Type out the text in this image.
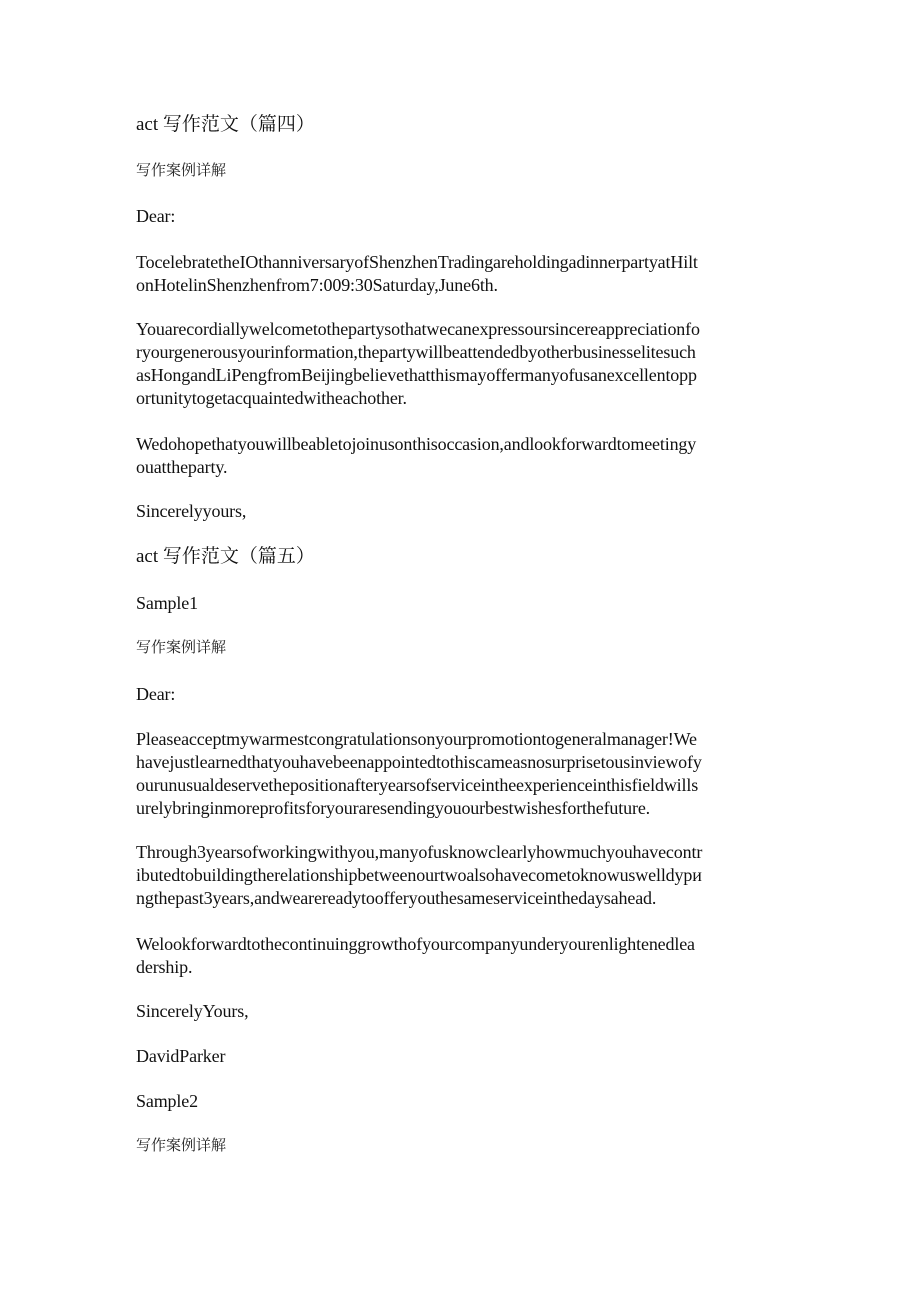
act 写作范文（篇四）
写作案例详解
Dear:
TocelebratetheIOthanniversaryofShenzhenTradingareholdingadinnerpartyatHilt
onHotelinShenzhenfrom7:009:30Saturday,June6th.
Youarecordiallywelcometothepartysothatwecanexpressoursincereappreciationfo
ryourgenerousyourinformation,thepartywillbeattendedbyotherbusinesselitesuch
asHongandLiPengfromBeijingbelievethatthismayoffermanyofusanexcellentopp
ortunitytogetacquaintedwitheachother.
Wedohopethatyouwillbeabletojoinusonthisoccasion,andlookforwardtomeetingy
ouattheparty.
Sincerelyyours,
act 写作范文（篇五）
Sample1
写作案例详解
Dear:
Pleaseacceptmywarmestcongratulationsonyourpromotiontogeneralmanager!We
havejustlearnedthatyouhavebeenappointedtothiscameasnosurprisetousinviewofy
ourunusualdeservethepositionafteryearsofserviceintheexperienceinthisfieldwills
urelybringinmoreprofitsforyouraresendingyouourbestwishesforthefuture.
Through3yearsofworkingwithyou,manyofusknowclearlyhowmuchyouhavecontr
ibutedtobuildingtherelationshipbetweenourtwoalsohavecometoknowuswelldури
ngthepast3years,andwearereadytoofferyouthesameserviceinthedaysahead.
Welookforwardtothecontinuinggrowthofyourcompanyunderyourenlightenedlea
dership.
SincerelyYours,
DavidParker
Sample2
写作案例详解
